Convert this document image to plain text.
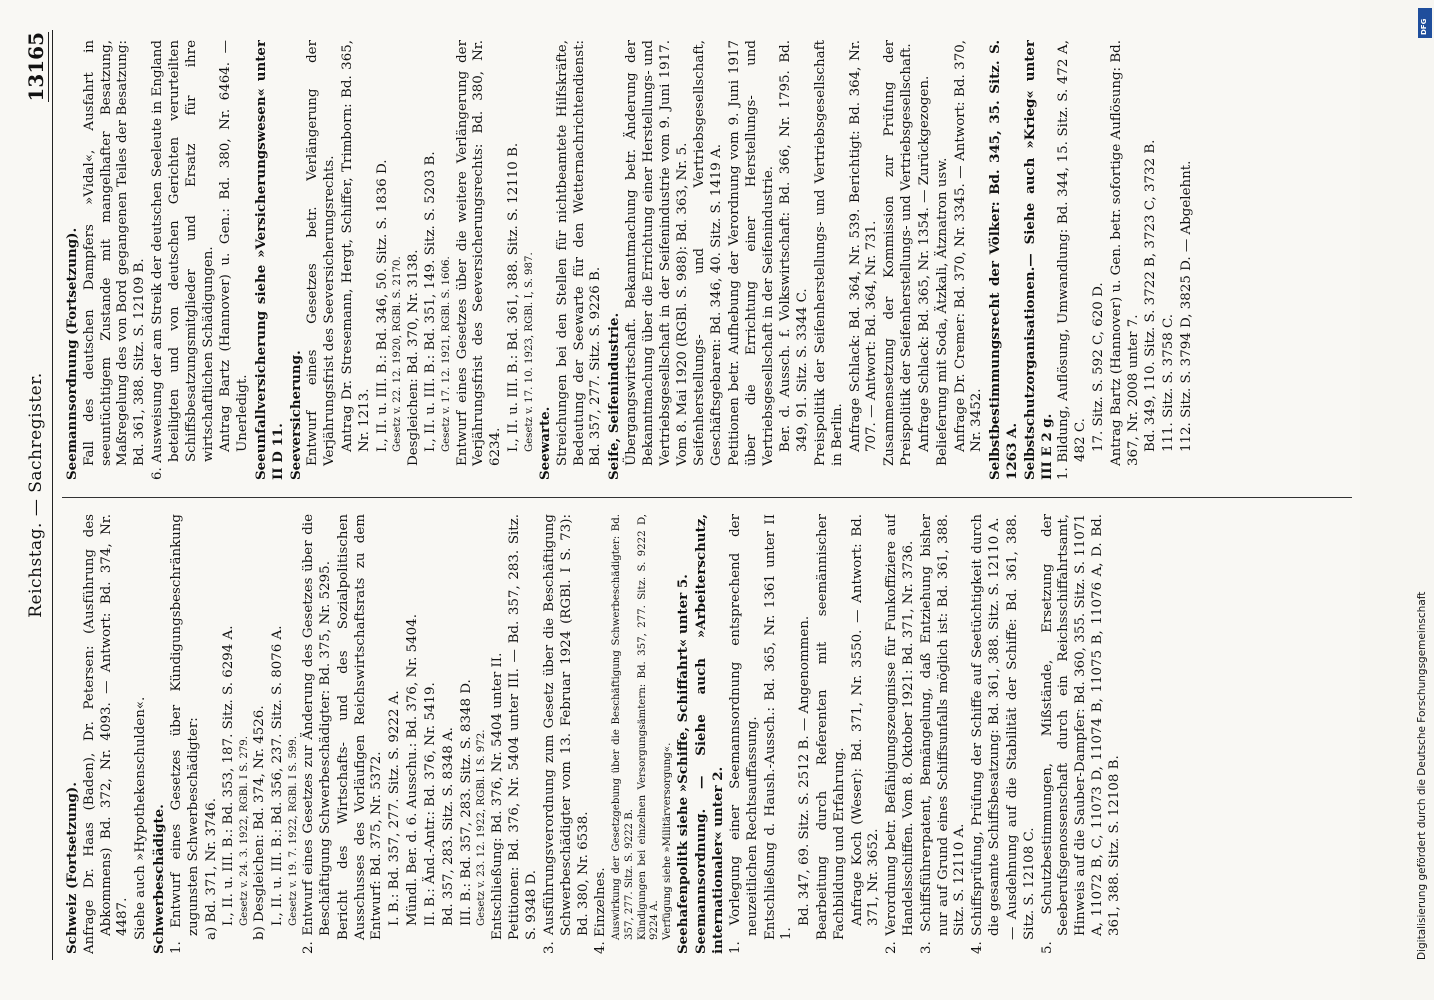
Reichstag. — Sachregister.
13165
Schweiz (Fortsetzung). Anfrage Dr. Haas (Baden), Dr. Petersen: (Ausführung des Abkommens) Bd. 372, Nr. 4093. — Antwort: Bd. 374, Nr. 4487. Siehe auch »Hypothekenschulden«. Schwerbeschädigte. 1. Entwurf eines Gesetzes über Kündigungsbeschränkung zugunsten Schwerbeschädigter: a) Bd. 371, Nr. 3746. I., II. u. III. B.: Bd. 353, 187. Sitz. S. 6294 A. Gesetz v. 24. 3. 1922, RGBl. I S. 279. b) Desgleichen: Bd. 374, Nr. 4526. I., II. u. III. B.: Bd. 356, 237. Sitz. S. 8076 A. Gesetz v. 19. 7. 1922, RGBl. I S. 599. 2. Entwurf eines Gesetzes zur Änderung des Gesetzes über die Beschäftigung Schwerbeschädigter: Bd. 375, Nr. 5295. Bericht des Wirtschafts- und des Sozialpolitischen Ausschusses des Vorläufigen Reichswirtschaftsrats zu dem Entwurf: Bd. 375, Nr. 5372. I. B.: Bd. 357, 277. Sitz. S. 9222 A. Mündl. Ber. d. 6. Ausschu.: Bd. 376, Nr. 5404. II. B.: Änd.-Antr.: Bd. 376, Nr. 5419. Bd. 357, 283. Sitz. S. 8348 A. III. B.: Bd. 357, 283. Sitz. S. 8348 D. Gesetz v. 23. 12. 1922, RGBl. I S. 972. Entschließung: Bd. 376, Nr. 5404 unter II. Petitionen: Bd. 376, Nr. 5404 unter III. — Bd. 357, 283. Sitz. S. 9348 D. 3. Ausführungsverordnung zum Gesetz über die Beschäftigung Schwerbeschädigter vom 13. Februar 1924 (RGBl. I S. 73): Bd. 380, Nr. 6538. 4. Einzelnes. Auswirkung der Gesetzgebung über die Beschäftigung Schwerbeschädigter: Bd. 357, 277. Sitz. S. 9222 B. Kündigungen bei einzelnen Versorgungsämtern: Bd. 357, 277. Sitz. S. 9222 D, 9224 A. Verfügung siehe »Militärversorgung«. Seehafenpolitk siehe »Schiffe, Schiffahrt« unter 5. Seemannsordnung. — Siehe auch »Arbeiterschutz, internationaler« unter 2. 1. Vorlegung einer Seemannsordnung entsprechend der neuzeitlichen Rechtsauffassung. Entschließung d. Haush.-Aussch.: Bd. 365, Nr. 1361 unter II 1.
Bd. 347, 69. Sitz. S. 2512 B. — Angenommen. Bearbeitung durch Referenten mit seemännischer Fachbildung und Erfahrung. Anfrage Koch (Weser): Bd. 371, Nr. 3550. — Antwort: Bd. 371, Nr. 3652. 2. Verordnung betr. Befähigungszeugnisse für Funkoffiziere auf Handelsschiffen. Vom 8. Oktober 1921: Bd. 371, Nr. 3736. 3. Schiffsführerpatent, Bemängelung, daß Entziehung bisher nur auf Grund eines Schiffsunfalls möglich ist: Bd. 361, 388. Sitz. S. 12110 A. 4. Schiffsprüfung, Prüfung der Schiffe auf Seetüchtigkeit durch die gesamte Schiffsbesatzung: Bd. 361, 388. Sitz. S. 12110 A. — Ausdehnung auf die Stabilität der Schiffe: Bd. 361, 388. Sitz. S. 12108 C. 5. Schutzbestimmungen, Mißstände, Ersetzung der Seeberufsgenossenschaft durch ein Reichsschiffahrtsamt, Hinweis auf die Sauber-Dampfer: Bd. 360, 355. Sitz. S. 11071 A, 11072 B, C, 11073 D, 11074 B, 11075 B, 11076 A, D. Bd. 361, 388. Sitz. S. 12108 B.
Seemannsordnung (Fortsetzung). Fall des deutschen Dampfers »Vidal«, Ausfahrt in seeuntüchtigem Zustande mit mangelhafter Besatzung, Maßregelung des von Bord gegangenen Teiles der Besatzung: Bd. 361, 388. Sitz. S. 12109 B. 6. Ausweisung der am Streik der deutschen Seeleute in England beteiligten und von deutschen Gerichten verurteilten Schiffsbesatzungsmitglieder und Ersatz für ihre wirtschaftlichen Schädigungen. Antrag Bartz (Hannover) u. Gen.: Bd. 380, Nr. 6464. — Unerledigt. Seeunfallversicherung siehe »Versicherungswesen« unter II D 11. Seeversicherung. Entwurf eines Gesetzes betr. Verlängerung der Verjährungsfrist des Seeversicherungsrechts. Antrag Dr. Stresemann, Hergt, Schiffer, Trimborn: Bd. 365, Nr. 1213. I., II. u. III. B.: Bd. 346, 50. Sitz. S. 1836 D. Gesetz v. 22. 12. 1920, RGBl. S. 2170. Desgleichen: Bd. 370, Nr. 3138. I., II. u. III. B.: Bd. 351, 149. Sitz. S. 5203 B. Gesetz v. 17. 12. 1921, RGBl. S. 1606. Entwurf eines Gesetzes über die weitere Verlängerung der Verjährungsfrist des Seeversicherungsrechts: Bd. 380, Nr. 6234. I., II. u. III. B.: Bd. 361, 388. Sitz. S. 12110 B. Gesetz v. 17. 10. 1923, RGBl. I, S. 987. Seewarte. Streichungen bei den Stellen für nichtbeamtete Hilfskräfte, Bedeutung der Seewarte für den Wetternachrichtendienst: Bd. 357, 277. Sitz. S. 9226 B. Seife, Seifenindustrie. Übergangswirtschaft. Bekanntmachung betr. Änderung der Bekanntmachung über die Errichtung einer Herstellungs- und Vertriebsgesellschaft in der Seifenindustrie vom 9. Juni 1917. Vom 8. Mai 1920 (RGBl. S. 988): Bd. 363, Nr. 5. Seifenherstellungs- und Vertriebsgesellschaft, Geschäftsgebaren: Bd. 346, 40. Sitz. S. 1419 A. Petitionen betr. Aufhebung der Verordnung vom 9. Juni 1917 über die Errichtung einer Herstellungs- und Vertriebsgesellschaft in der Seifenindustrie. Ber. d. Aussch. f. Volkswirtschaft: Bd. 366, Nr. 1795. Bd. 349, 91. Sitz. S. 3344 C. Preispolitik der Seifenherstellungs- und Vertriebsgesellschaft in Berlin. Anfrage Schlack: Bd. 364, Nr. 539. Berichtigt: Bd. 364, Nr. 707. — Antwort: Bd. 364, Nr. 731. Zusammensetzung der Kommission zur Prüfung der Preispolitik der Seifenherstellungs- und Vertriebsgesellschaft. Anfrage Schlack: Bd. 365, Nr. 1354. — Zurückgezogen. Belieferung mit Soda, Ätzkali, Ätznatron usw. Anfrage Dr. Cremer: Bd. 370, Nr. 3345. — Antwort: Bd. 370, Nr. 3452. Selbstbestimmungsrecht der Völker: Bd. 345, 35. Sitz. S. 1263 A. Selbstschutzorganisationen.— Siehe auch »Krieg« unter III E 2 g. 1. Bildung, Auflösung, Umwandlung: Bd. 344, 15. Sitz. S. 472 A, 482 C. 17. Sitz. S. 592 C, 620 D. Antrag Bartz (Hannover) u. Gen. betr. sofortige Auflösung: Bd. 367, Nr. 2008 unter 7. Bd. 349, 110. Sitz. S. 3722 B, 3723 C, 3732 B. 111. Sitz. S. 3758 C. 112. Sitz. S. 3794 D, 3825 D. — Abgelehnt.
Digitalisierung gefördert durch die Deutsche Forschungsgemeinschaft
DFG
